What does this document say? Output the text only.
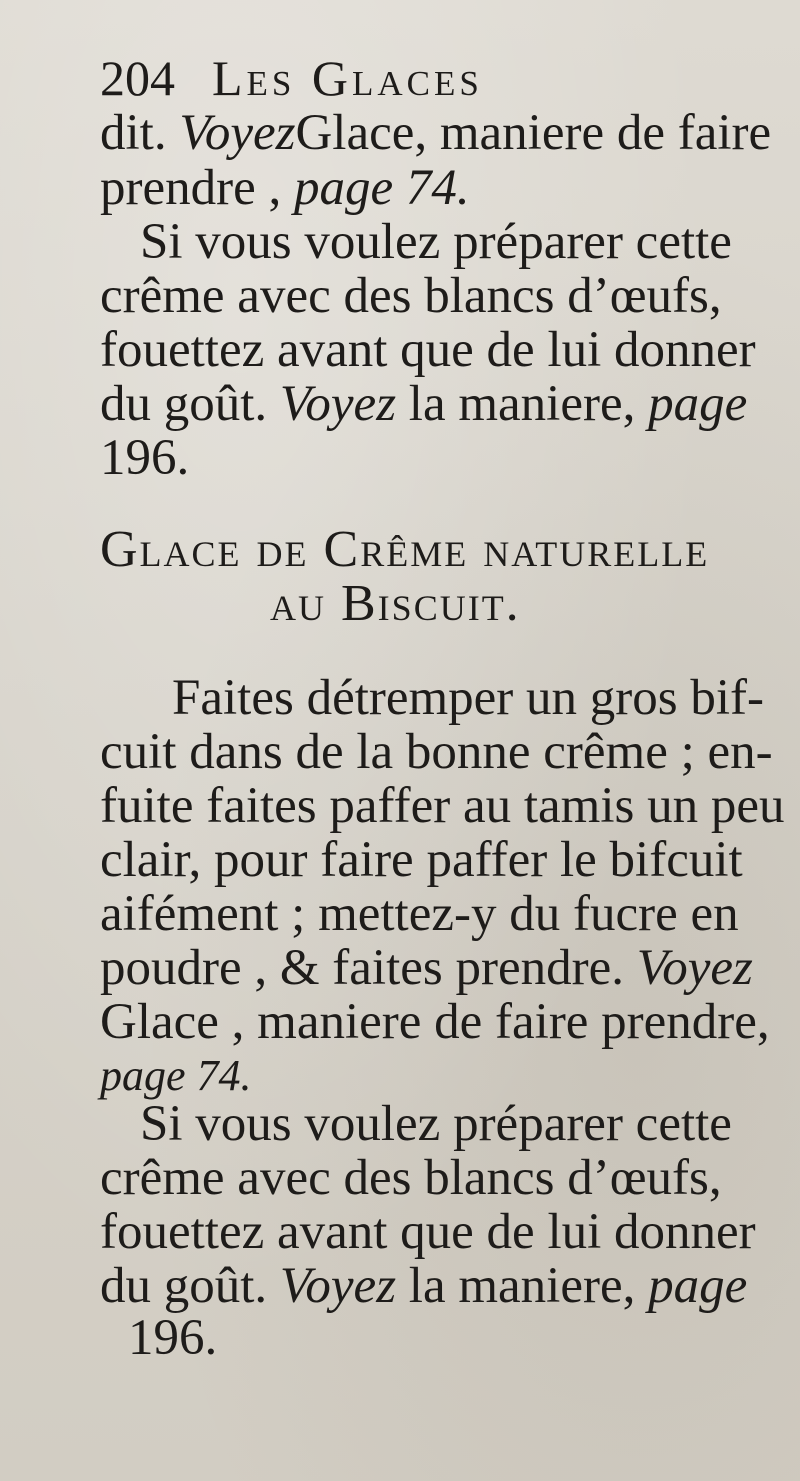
204 Les Glaces
dit. VoyezGlace, maniere de faire
prendre , page 74.
Si vous voulez préparer cette
crême avec des blancs d’œufs,
fouettez avant que de lui donner
du goût. Voyez la maniere, page
196.
Glace de Crême naturelle
au Biscuit.
Faites détremper un gros bif-
cuit dans de la bonne crême ; en-
fuite faites paffer au tamis un peu
clair, pour faire paffer le bifcuit
aifément ; mettez-y du fucre en
poudre , & faites prendre. Voyez
Glace , maniere de faire prendre,
page 74.
Si vous voulez préparer cette
crême avec des blancs d’œufs,
fouettez avant que de lui donner
du goût. Voyez la maniere, page
196.
